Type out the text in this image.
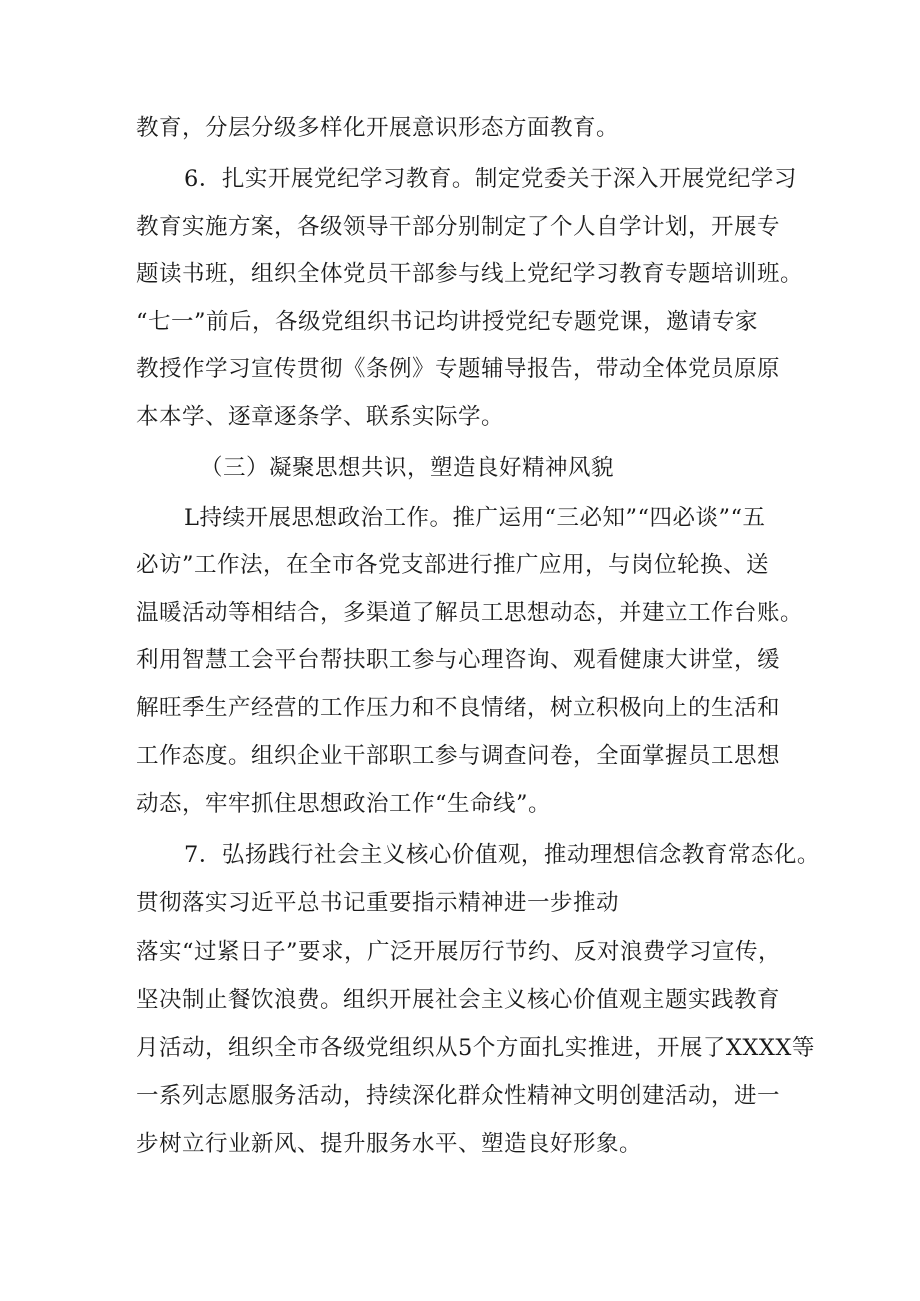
教育，分层分级多样化开展意识形态方面教育。
6．扎实开展党纪学习教育。制定党委关于深入开展党纪学习
教育实施方案，各级领导干部分别制定了个人自学计划，开展专
题读书班，组织全体党员干部参与线上党纪学习教育专题培训班。
“七一”前后，各级党组织书记均讲授党纪专题党课，邀请专家
教授作学习宣传贯彻《条例》专题辅导报告，带动全体党员原原
本本学、逐章逐条学、联系实际学。
（三）凝聚思想共识，塑造良好精神风貌
L持续开展思想政治工作。推广运用“三必知”“四必谈”“五
必访”工作法，在全市各党支部进行推广应用，与岗位轮换、送
温暖活动等相结合，多渠道了解员工思想动态，并建立工作台账。
利用智慧工会平台帮扶职工参与心理咨询、观看健康大讲堂，缓
解旺季生产经营的工作压力和不良情绪，树立积极向上的生活和
工作态度。组织企业干部职工参与调查问卷，全面掌握员工思想
动态，牢牢抓住思想政治工作“生命线”。
7．弘扬践行社会主义核心价值观，推动理想信念教育常态化。
贯彻落实习近平总书记重要指示精神进一步推动
落实“过紧日子”要求，广泛开展厉行节约、反对浪费学习宣传，
坚决制止餐饮浪费。组织开展社会主义核心价值观主题实践教育
月活动，组织全市各级党组织从5个方面扎实推进，开展了XXXX等
一系列志愿服务活动，持续深化群众性精神文明创建活动，进一
步树立行业新风、提升服务水平、塑造良好形象。
